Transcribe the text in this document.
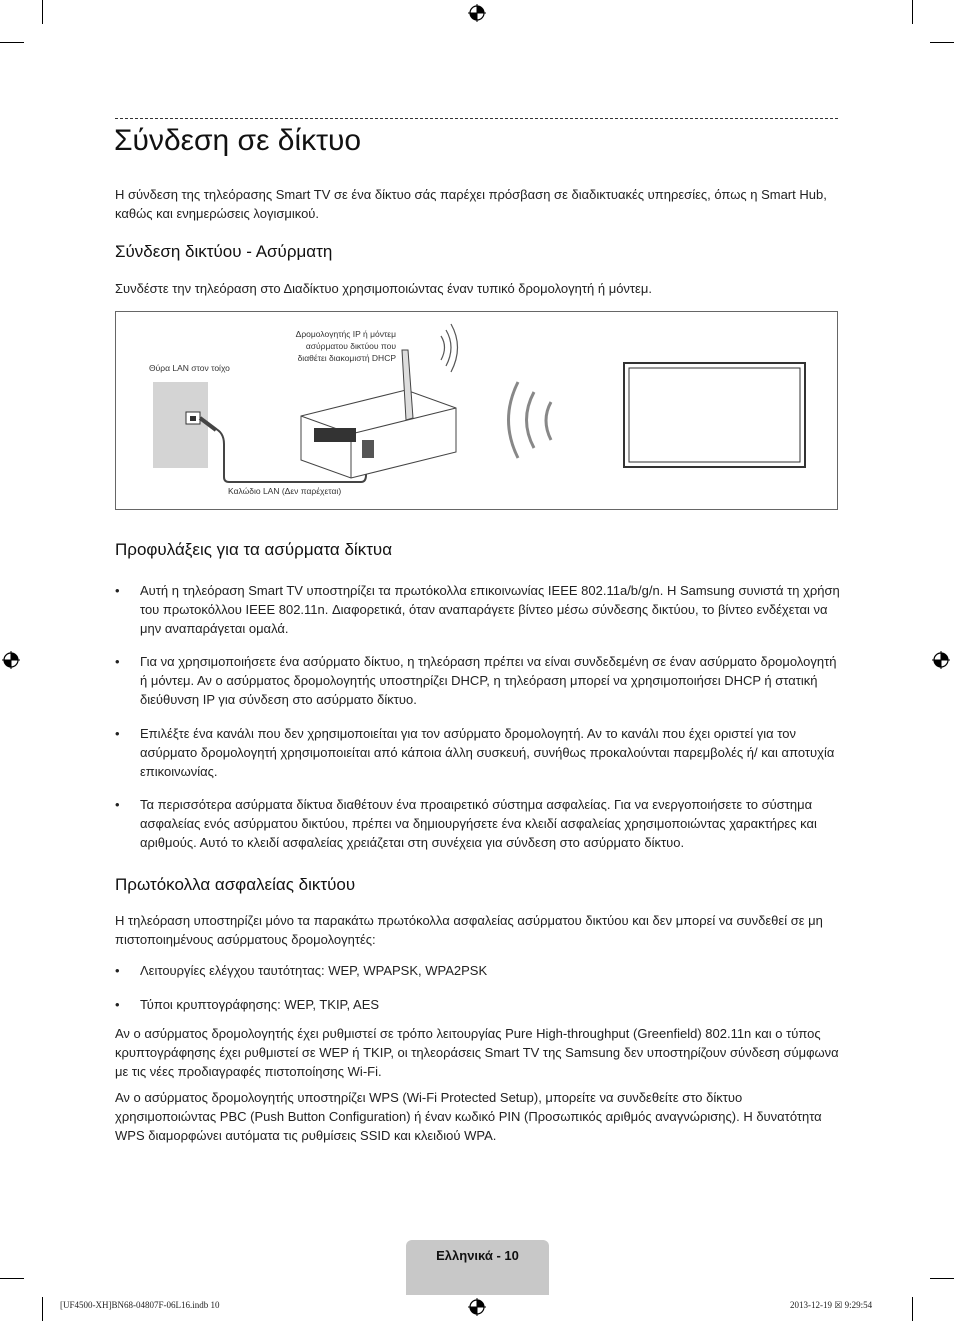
Σύνδεση σε δίκτυο

Η σύνδεση της τηλεόρασης Smart TV σε ένα δίκτυο σάς παρέχει πρόσβαση σε διαδικτυακές υπηρεσίες, όπως η Smart Hub, καθώς και ενημερώσεις λογισμικού.

Σύνδεση δικτύου - Ασύρματη

Συνδέστε την τηλεόραση στο Διαδίκτυο χρησιμοποιώντας έναν τυπικό δρομολογητή ή μόντεμ.

Θύρα LAN στον τοίχο
Δρομολογητής IP ή μόντεμ
ασύρματου δικτύου που
διαθέτει διακομιστή DHCP
Καλώδιο LAN (Δεν παρέχεται)
Προφυλάξεις για τα ασύρματα δίκτυα
• Αυτή η τηλεόραση Smart TV υποστηρίζει τα πρωτόκολλα επικοινωνίας IEEE 802.11a/b/g/n. Η Samsung συνιστά τη χρήση του πρωτοκόλλου IEEE 802.11n. Διαφορετικά, όταν αναπαράγετε βίντεο μέσω σύνδεσης δικτύου, το βίντεο ενδέχεται να μην αναπαράγεται ομαλά.
• Για να χρησιμοποιήσετε ένα ασύρματο δίκτυο, η τηλεόραση πρέπει να είναι συνδεδεμένη σε έναν ασύρματο δρομολογητή ή μόντεμ. Αν ο ασύρματος δρομολογητής υποστηρίζει DHCP, η τηλεόραση μπορεί να χρησιμοποιήσει DHCP ή στατική διεύθυνση IP για σύνδεση στο ασύρματο δίκτυο.
• Επιλέξτε ένα κανάλι που δεν χρησιμοποιείται για τον ασύρματο δρομολογητή. Αν το κανάλι που έχει οριστεί για τον ασύρματο δρομολογητή χρησιμοποιείται από κάποια άλλη συσκευή, συνήθως προκαλούνται παρεμβολές ή/ και αποτυχία επικοινωνίας.
• Τα περισσότερα ασύρματα δίκτυα διαθέτουν ένα προαιρετικό σύστημα ασφαλείας. Για να ενεργοποιήσετε το σύστημα ασφαλείας ενός ασύρματου δικτύου, πρέπει να δημιουργήσετε ένα κλειδί ασφαλείας χρησιμοποιώντας χαρακτήρες και αριθμούς. Αυτό το κλειδί ασφαλείας χρειάζεται στη συνέχεια για σύνδεση στο ασύρματο δίκτυο.
Πρωτόκολλα ασφαλείας δικτύου

Η τηλεόραση υποστηρίζει μόνο τα παρακάτω πρωτόκολλα ασφαλείας ασύρματου δικτύου και δεν μπορεί να συνδεθεί σε μη πιστοποιημένους ασύρματους δρομολογητές:

• Λειτουργίες ελέγχου ταυτότητας: WEP, WPAPSK, WPA2PSK
• Τύποι κρυπτογράφησης: WEP, TKIP, AES

Αν ο ασύρματος δρομολογητής έχει ρυθμιστεί σε τρόπο λειτουργίας Pure High-throughput (Greenfield) 802.11n και ο τύπος κρυπτογράφησης έχει ρυθμιστεί σε WEP ή TKIP, οι τηλεοράσεις Smart TV της Samsung δεν υποστηρίζουν σύνδεση σύμφωνα με τις νέες προδιαγραφές πιστοποίησης Wi-Fi.

Αν ο ασύρματος δρομολογητής υποστηρίζει WPS (Wi-Fi Protected Setup), μπορείτε να συνδεθείτε στο δίκτυο χρησιμοποιώντας PBC (Push Button Configuration) ή έναν κωδικό PIN (Προσωπικός αριθμός αναγνώρισης). Η δυνατότητα WPS διαμορφώνει αυτόματα τις ρυθμίσεις SSID και κλειδιού WPA.

Ελληνικά - 10
[UF4500-XH]BN68-04807F-06L16.indb 10	2013-12-19 ☒ 9:29:54
